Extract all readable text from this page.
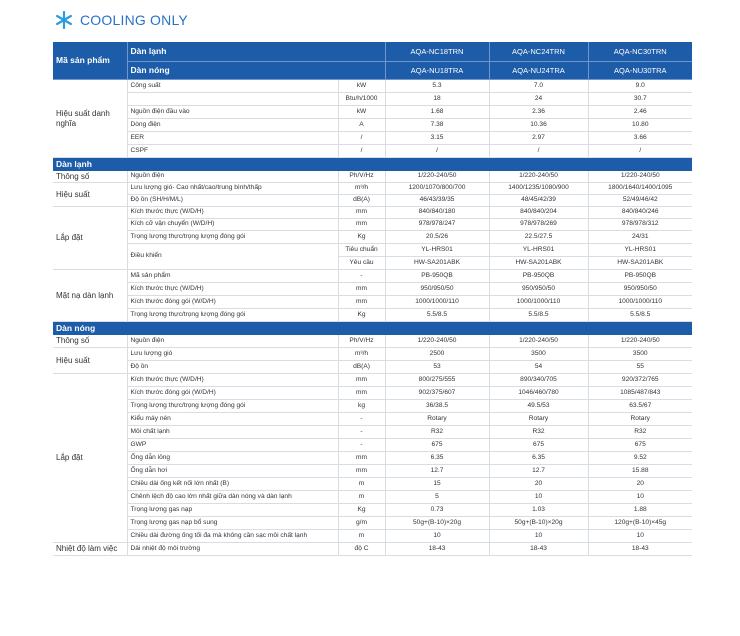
COOLING ONLY
Mã sản phẩm	Dàn lạnh		AQA-NC18TRN	AQA-NC24TRN	AQA-NC30TRN
	Dàn nóng		AQA-NU18TRA	AQA-NU24TRA	AQA-NU30TRA
Hiệu suất danh nghĩa	Công suất	kW	5.3	7.0	9.0
		Btu/h/1000	18	24	30.7
	Nguồn điện đầu vào	kW	1.68	2.36	2.46
	Dòng điện	A	7.38	10.36	10.80
	EER	/	3.15	2.97	3.66
	CSPF	/	/	/	/
Dàn lạnh					
Thông số	Nguồn điện	Ph/V/Hz	1/220-240/50	1/220-240/50	1/220-240/50
Hiệu suất	Lưu lượng gió- Cao nhất/cao/trung bình/thấp	m³/h	1200/1070/800/700	1400/1235/1080/900	1800/1640/1400/1095
	Độ ồn (SH/H/M/L)	dB(A)	46/43/39/35	48/45/42/39	52/49/46/42
Lắp đặt	Kích thước thực (W/D/H)	mm	840/840/180	840/840/204	840/840/246
	Kích cỡ vận chuyển (W/D/H)	mm	978/978/247	978/978/269	978/978/312
	Trọng lượng thực/trọng lượng đóng gói	Kg	20.5/26	22.5/27.5	24/31
	Điều khiển	Tiêu chuẩn	YL-HRS01	YL-HRS01	YL-HRS01
		Yêu cầu	HW-SA201ABK	HW-SA201ABK	HW-SA201ABK
Mặt nạ dàn lạnh	Mã sản phẩm	-	PB-950QB	PB-950QB	PB-950QB
	Kích thước thực (W/D/H)	mm	950/950/50	950/950/50	950/950/50
	Kích thước đóng gói (W/D/H)	mm	1000/1000/110	1000/1000/110	1000/1000/110
	Trọng lượng thực/trọng lượng đóng gói	Kg	5.5/8.5	5.5/8.5	5.5/8.5
Dàn nóng					
Thông số	Nguồn điện	Ph/V/Hz	1/220-240/50	1/220-240/50	1/220-240/50
Hiệu suất	Lưu lượng gió	m³/h	2500	3500	3500
	Độ ồn	dB(A)	53	54	55
Lắp đặt	Kích thước thực (W/D/H)	mm	800/275/555	890/340/705	920/372/765
	Kích thước đóng gói (W/D/H)	mm	902/375/607	1046/460/780	1085/487/843
	Trọng lượng thực/trọng lượng đóng gói	kg	36/38.5	49.5/53	63.5/67
	Kiểu máy nén	-	Rotary	Rotary	Rotary
	Môi chất lạnh	-	R32	R32	R32
	GWP	-	675	675	675
	Ống dẫn lỏng	mm	6.35	6.35	9.52
	Ống dẫn hơi	mm	12.7	12.7	15.88
	Chiều dài ống kết nối lớn nhất (B)	m	15	20	20
	Chênh lệch độ cao lớn nhất giữa dàn nóng và dàn lạnh	m	5	10	10
	Trọng lượng gas nạp	Kg	0.73	1.03	1.88
	Trọng lượng gas nạp bổ sung	g/m	50g+(B-10)×20g	50g+(B-10)×20g	120g+(B-10)×45g
	Chiều dài đường ống tối đa mà không cần sạc môi chất lạnh	m	10	10	10
Nhiệt độ làm việc	Dải nhiệt độ môi trường	độ C	18-43	18-43	18-43
